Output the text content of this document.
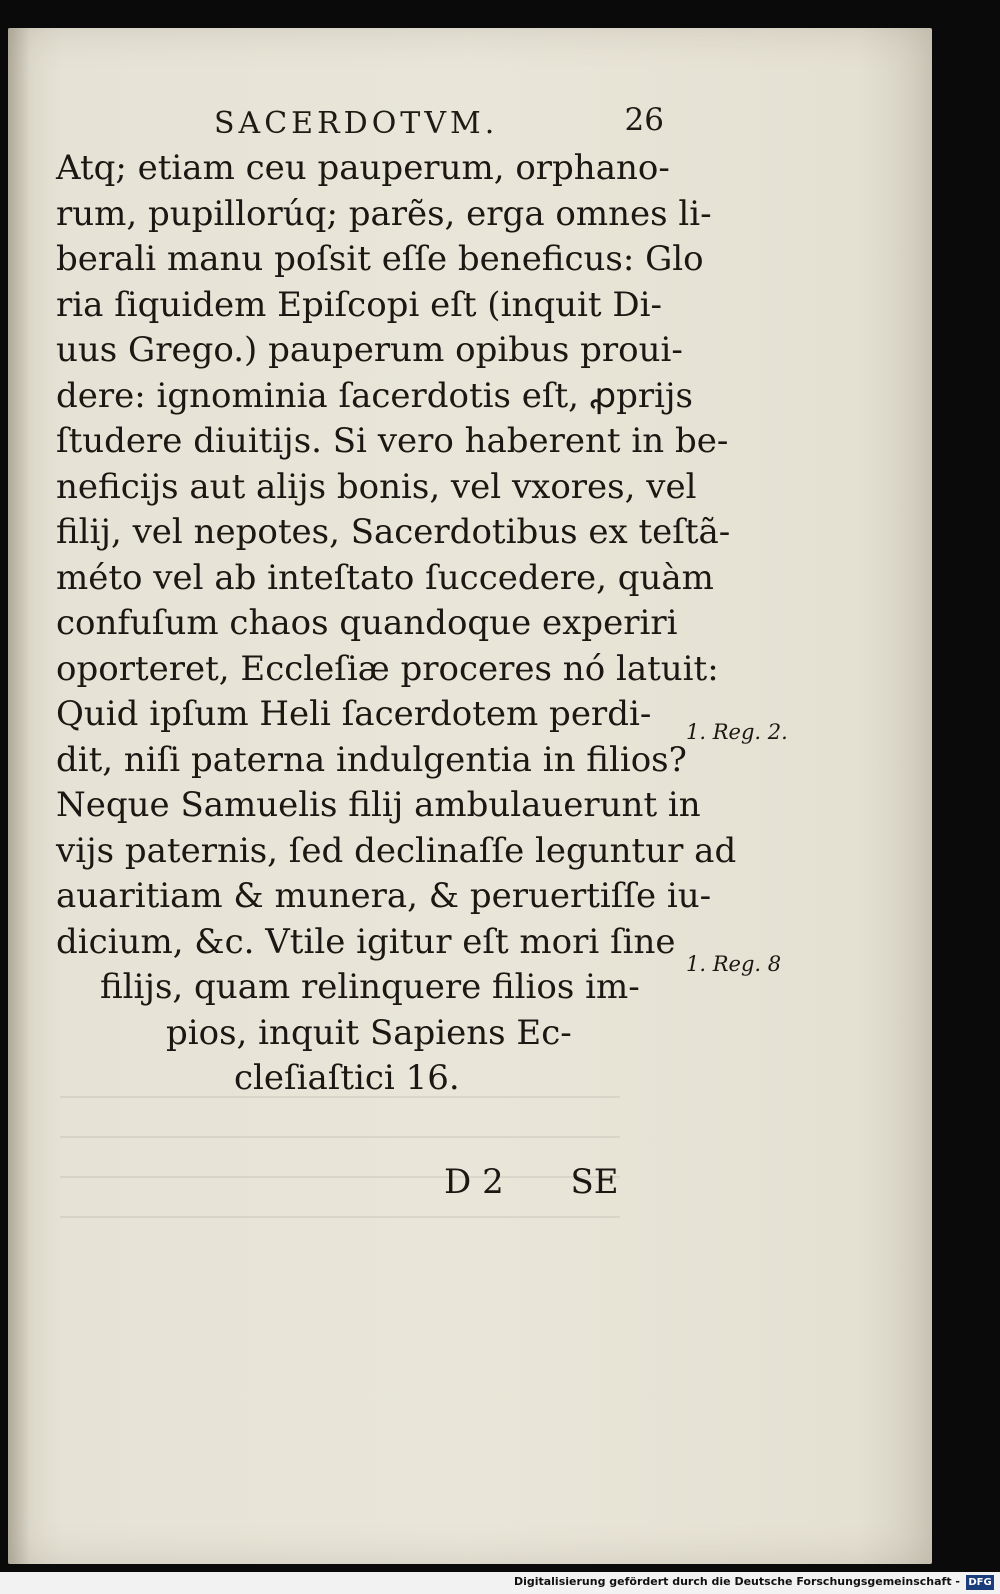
SACERDOTVM.	26
Atq; etiam ceu pauperum, orphano-
rum, pupillorúq; parẽs, erga omnes li-
berali manu poſsit eſſe beneficus: Glo
ria ſiquidem Epiſcopi eſt (inquit Di-
uus Grego.) pauperum opibus proui-
dere: ignominia ſacerdotis eſt, ꝓprijs
ſtudere diuitijs. Si vero haberent in be-
neficijs aut alijs bonis, vel vxores, vel
filij, vel nepotes, Sacerdotibus ex teſtã-
méto vel ab inteſtato ſuccedere, quàm
confuſum chaos quandoque experiri
oporteret, Eccleſiæ proceres nó latuit:
Quid ipſum Heli ſacerdotem perdi-
dit, niſi paterna indulgentia in filios?
Neque Samuelis filij ambulauerunt in
vijs paternis, ſed declinaſſe leguntur ad
auaritiam & munera, & peruertiſſe iu-
dicium, &c. Vtile igitur eſt mori ſine
filijs, quam relinquere filios im-
pios, inquit Sapiens Ec-
cleſiaſtici 16.
1. Reg. 2.
1. Reg. 8
D 2 SE
Digitalisierung gefördert durch die Deutsche Forschungsgemeinschaft - DFG
